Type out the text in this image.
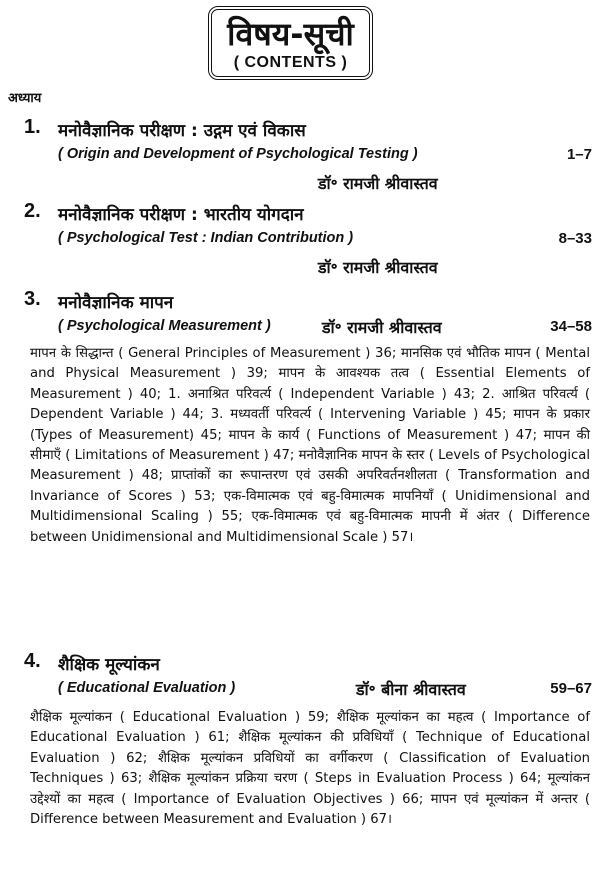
विषय-सूची
( CONTENTS )
अध्याय
1. मनोवैज्ञानिक परीक्षण : उद्गम एवं विकास
( Origin and Development of Psychological Testing )	1–7
डॉ॰ रामजी श्रीवास्तव
2. मनोवैज्ञानिक परीक्षण : भारतीय योगदान
( Psychological Test : Indian Contribution )	8–33
डॉ॰ रामजी श्रीवास्तव
3. मनोवैज्ञानिक मापन
( Psychological Measurement )	डॉ॰ रामजी श्रीवास्तव	34–58
मापन के सिद्धान्त ( General Principles of Measurement ) 36; मानसिक एवं भौतिक मापन ( Mental and Physical Measurement ) 39; मापन के आवश्यक तत्व ( Essential Elements of Measurement ) 40; 1. अनाश्रित परिवर्त्य ( Independent Variable ) 43; 2. आश्रित परिवर्त्य ( Dependent Variable ) 44; 3. मध्यवर्ती परिवर्त्य ( Intervening Variable ) 45; मापन के प्रकार (Types of Measurement) 45; मापन के कार्य ( Functions of Measurement ) 47; मापन की सीमाएँ ( Limitations of Measurement ) 47; मनोवैज्ञानिक मापन के स्तर ( Levels of Psychological Measurement ) 48; प्राप्तांकों का रूपान्तरण एवं उसकी अपरिवर्तनशीलता ( Transformation and Invariance of Scores ) 53; एक-विमात्मक एवं बहु-विमात्मक मापनियाँ ( Unidimensional and Multidimensional Scaling ) 55; एक-विमात्मक एवं बहु-विमात्मक मापनी में अंतर ( Difference between Unidimensional and Multidimensional Scale ) 57।
4. शैक्षिक मूल्यांकन
( Educational Evaluation )	डॉ॰ बीना श्रीवास्तव	59–67
शैक्षिक मूल्यांकन ( Educational Evaluation ) 59; शैक्षिक मूल्यांकन का महत्व ( Importance of Educational Evaluation ) 61; शैक्षिक मूल्यांकन की प्रविधियाँ ( Technique of Educational Evaluation ) 62; शैक्षिक मूल्यांकन प्रविधियों का वर्गीकरण ( Classification of Evaluation Techniques ) 63; शैक्षिक मूल्यांकन प्रक्रिया चरण ( Steps in Evaluation Process ) 64; मूल्यांकन उद्देश्यों का महत्व ( Importance of Evaluation Objectives ) 66; मापन एवं मूल्यांकन में अन्तर ( Difference between Measurement and Evaluation ) 67।
